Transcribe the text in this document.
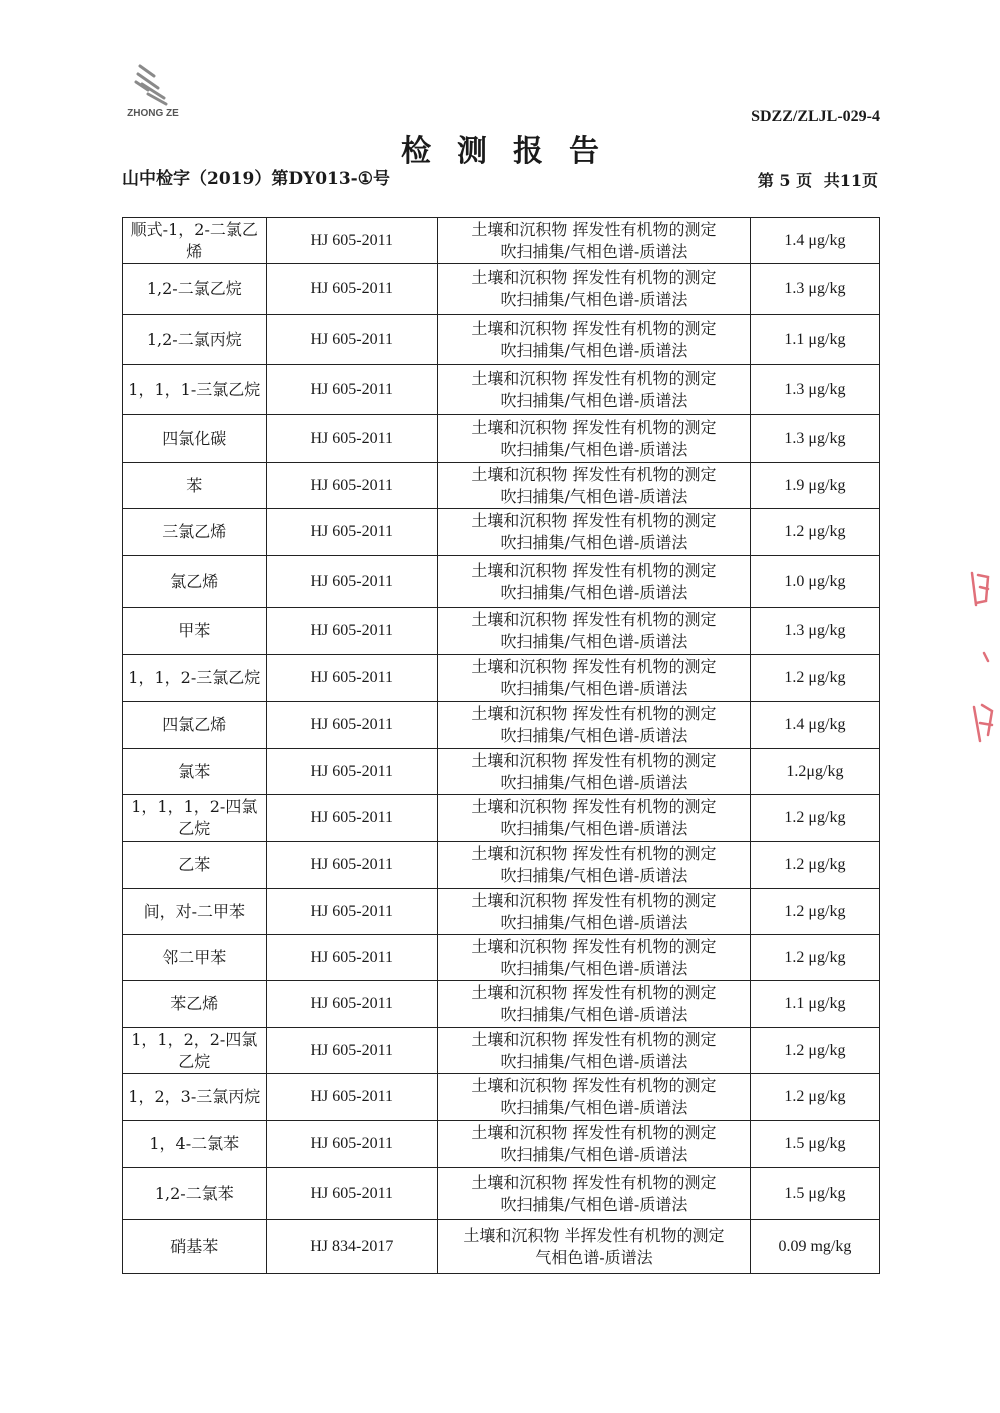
ZHONG ZE	SDZZ/ZLJL-029-4
检测报告
山中检字（2019）第DY013-①号	第 5 页 共11页
顺式-1，2-二氯乙烯	HJ 605-2011	土壤和沉积物 挥发性有机物的测定
吹扫捕集/气相色谱-质谱法	1.4 μg/kg
1,2-二氯乙烷	HJ 605-2011	土壤和沉积物 挥发性有机物的测定
吹扫捕集/气相色谱-质谱法	1.3 μg/kg
1,2-二氯丙烷	HJ 605-2011	土壤和沉积物 挥发性有机物的测定
吹扫捕集/气相色谱-质谱法	1.1 μg/kg
1，1，1-三氯乙烷	HJ 605-2011	土壤和沉积物 挥发性有机物的测定
吹扫捕集/气相色谱-质谱法	1.3 μg/kg
四氯化碳	HJ 605-2011	土壤和沉积物 挥发性有机物的测定
吹扫捕集/气相色谱-质谱法	1.3 μg/kg
苯	HJ 605-2011	土壤和沉积物 挥发性有机物的测定
吹扫捕集/气相色谱-质谱法	1.9 μg/kg
三氯乙烯	HJ 605-2011	土壤和沉积物 挥发性有机物的测定
吹扫捕集/气相色谱-质谱法	1.2 μg/kg
氯乙烯	HJ 605-2011	土壤和沉积物 挥发性有机物的测定
吹扫捕集/气相色谱-质谱法	1.0 μg/kg
甲苯	HJ 605-2011	土壤和沉积物 挥发性有机物的测定
吹扫捕集/气相色谱-质谱法	1.3 μg/kg
1，1，2-三氯乙烷	HJ 605-2011	土壤和沉积物 挥发性有机物的测定
吹扫捕集/气相色谱-质谱法	1.2 μg/kg
四氯乙烯	HJ 605-2011	土壤和沉积物 挥发性有机物的测定
吹扫捕集/气相色谱-质谱法	1.4 μg/kg
氯苯	HJ 605-2011	土壤和沉积物 挥发性有机物的测定
吹扫捕集/气相色谱-质谱法	1.2μg/kg
1，1，1，2-四氯乙烷	HJ 605-2011	土壤和沉积物 挥发性有机物的测定
吹扫捕集/气相色谱-质谱法	1.2 μg/kg
乙苯	HJ 605-2011	土壤和沉积物 挥发性有机物的测定
吹扫捕集/气相色谱-质谱法	1.2 μg/kg
间，对-二甲苯	HJ 605-2011	土壤和沉积物 挥发性有机物的测定
吹扫捕集/气相色谱-质谱法	1.2 μg/kg
邻二甲苯	HJ 605-2011	土壤和沉积物 挥发性有机物的测定
吹扫捕集/气相色谱-质谱法	1.2 μg/kg
苯乙烯	HJ 605-2011	土壤和沉积物 挥发性有机物的测定
吹扫捕集/气相色谱-质谱法	1.1 μg/kg
1，1，2，2-四氯乙烷	HJ 605-2011	土壤和沉积物 挥发性有机物的测定
吹扫捕集/气相色谱-质谱法	1.2 μg/kg
1，2，3-三氯丙烷	HJ 605-2011	土壤和沉积物 挥发性有机物的测定
吹扫捕集/气相色谱-质谱法	1.2 μg/kg
1，4-二氯苯	HJ 605-2011	土壤和沉积物 挥发性有机物的测定
吹扫捕集/气相色谱-质谱法	1.5 μg/kg
1,2-二氯苯	HJ 605-2011	土壤和沉积物 挥发性有机物的测定
吹扫捕集/气相色谱-质谱法	1.5 μg/kg
硝基苯	HJ 834-2017	土壤和沉积物 半挥发性有机物的测定
气相色谱-质谱法	0.09 mg/kg
